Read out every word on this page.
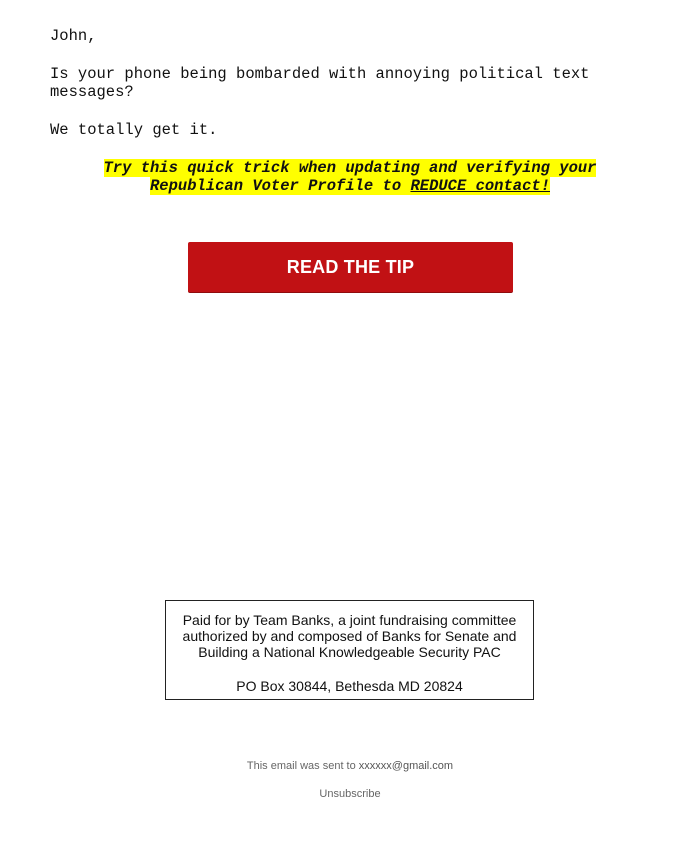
John,

Is your phone being bombarded with annoying political text messages?

We totally get it.

Try this quick trick when updating and verifying your Republican Voter Profile to REDUCE contact!
READ THE TIP
Paid for by Team Banks, a joint fundraising committee authorized by and composed of Banks for Senate and Building a National Knowledgeable Security PAC
PO Box 30844, Bethesda MD 20824
This email was sent to xxxxxx@gmail.com
Unsubscribe
